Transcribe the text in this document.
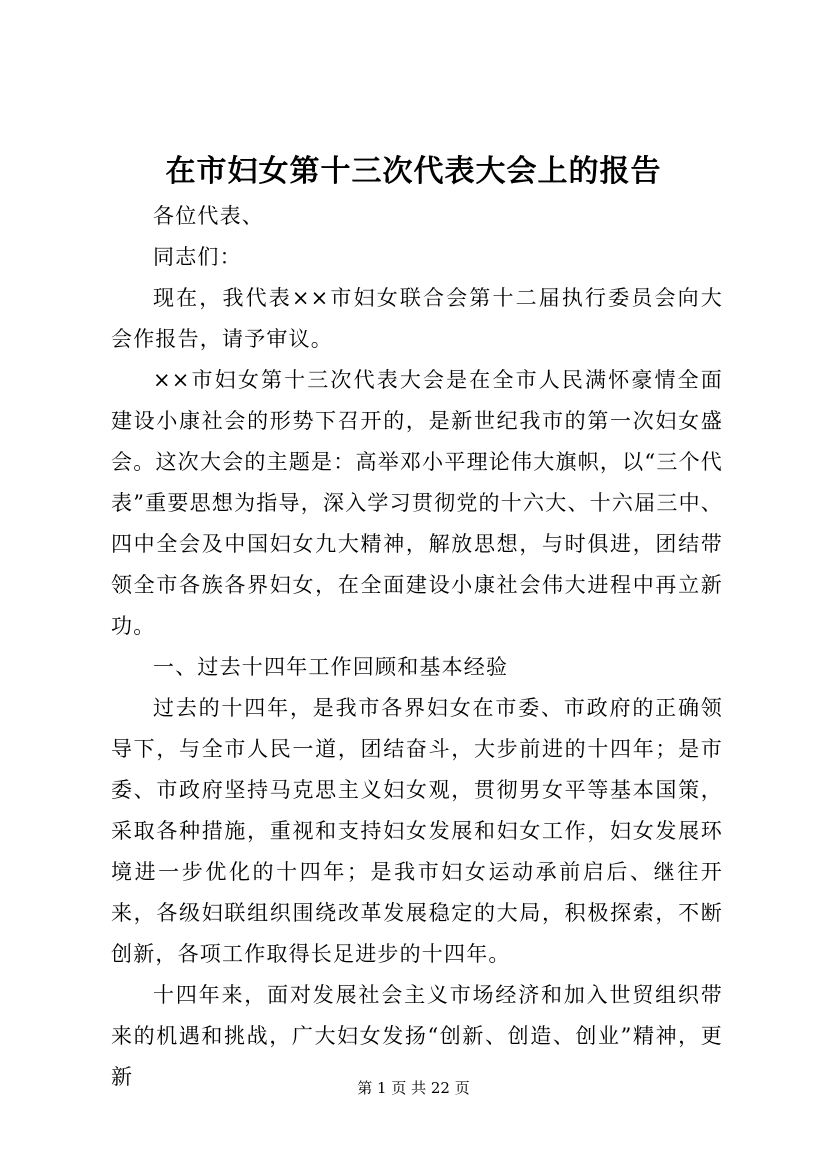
在市妇女第十三次代表大会上的报告

各位代表、

同志们：

现在，我代表××市妇女联合会第十二届执行委员会向大会作报告，请予审议。

××市妇女第十三次代表大会是在全市人民满怀豪情全面建设小康社会的形势下召开的，是新世纪我市的第一次妇女盛会。这次大会的主题是：高举邓小平理论伟大旗帜，以“三个代表”重要思想为指导，深入学习贯彻党的十六大、十六届三中、四中全会及中国妇女九大精神，解放思想，与时俱进，团结带领全市各族各界妇女，在全面建设小康社会伟大进程中再立新功。

一、过去十四年工作回顾和基本经验

过去的十四年，是我市各界妇女在市委、市政府的正确领导下，与全市人民一道，团结奋斗，大步前进的十四年；是市委、市政府坚持马克思主义妇女观，贯彻男女平等基本国策，采取各种措施，重视和支持妇女发展和妇女工作，妇女发展环境进一步优化的十四年；是我市妇女运动承前启后、继往开来，各级妇联组织围绕改革发展稳定的大局，积极探索，不断创新，各项工作取得长足进步的十四年。

十四年来，面对发展社会主义市场经济和加入世贸组织带来的机遇和挑战，广大妇女发扬“创新、创造、创业”精神，更新	第 1 页 共 22 页
